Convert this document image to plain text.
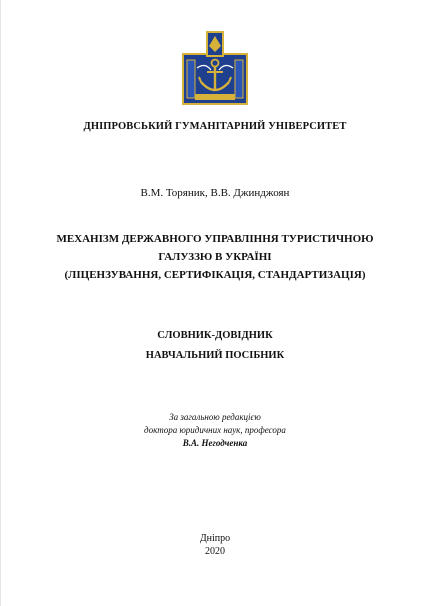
ДНІПРОВСЬКИЙ ГУМАНІТАРНИЙ УНІВЕРСИТЕТ
В.М. Торяник, В.В. Джинджоян
МЕХАНІЗМ ДЕРЖАВНОГО УПРАВЛІННЯ ТУРИСТИЧНОЮ
ГАЛУЗЗЮ В УКРАЇНІ
(ЛІЦЕНЗУВАННЯ, СЕРТИФІКАЦІЯ, СТАНДАРТИЗАЦІЯ)
СЛОВНИК-ДОВІДНИК
НАВЧАЛЬНИЙ ПОСІБНИК
За загальною редакцією
доктора юридичних наук, професора
В.А. Негодченка
Дніпро
2020
